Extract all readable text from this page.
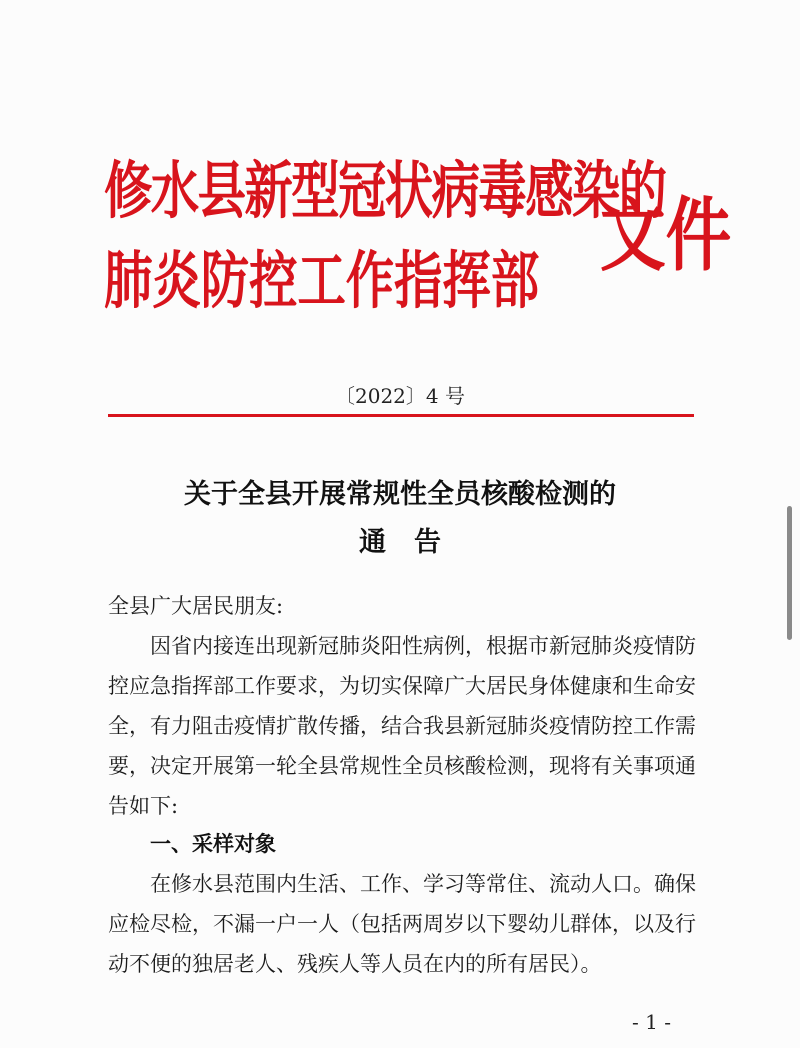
修水县新型冠状病毒感染的
肺炎防控工作指挥部 文件
〔2022〕4 号
关于全县开展常规性全员核酸检测的
通告
全县广大居民朋友:
因省内接连出现新冠肺炎阳性病例，根据市新冠肺炎疫情防
控应急指挥部工作要求，为切实保障广大居民身体健康和生命安
全，有力阻击疫情扩散传播，结合我县新冠肺炎疫情防控工作需
要，决定开展第一轮全县常规性全员核酸检测，现将有关事项通
告如下:
一、采样对象
在修水县范围内生活、工作、学习等常住、流动人口。确保
应检尽检，不漏一户一人（包括两周岁以下婴幼儿群体，以及行
动不便的独居老人、残疾人等人员在内的所有居民）。
- 1 -
